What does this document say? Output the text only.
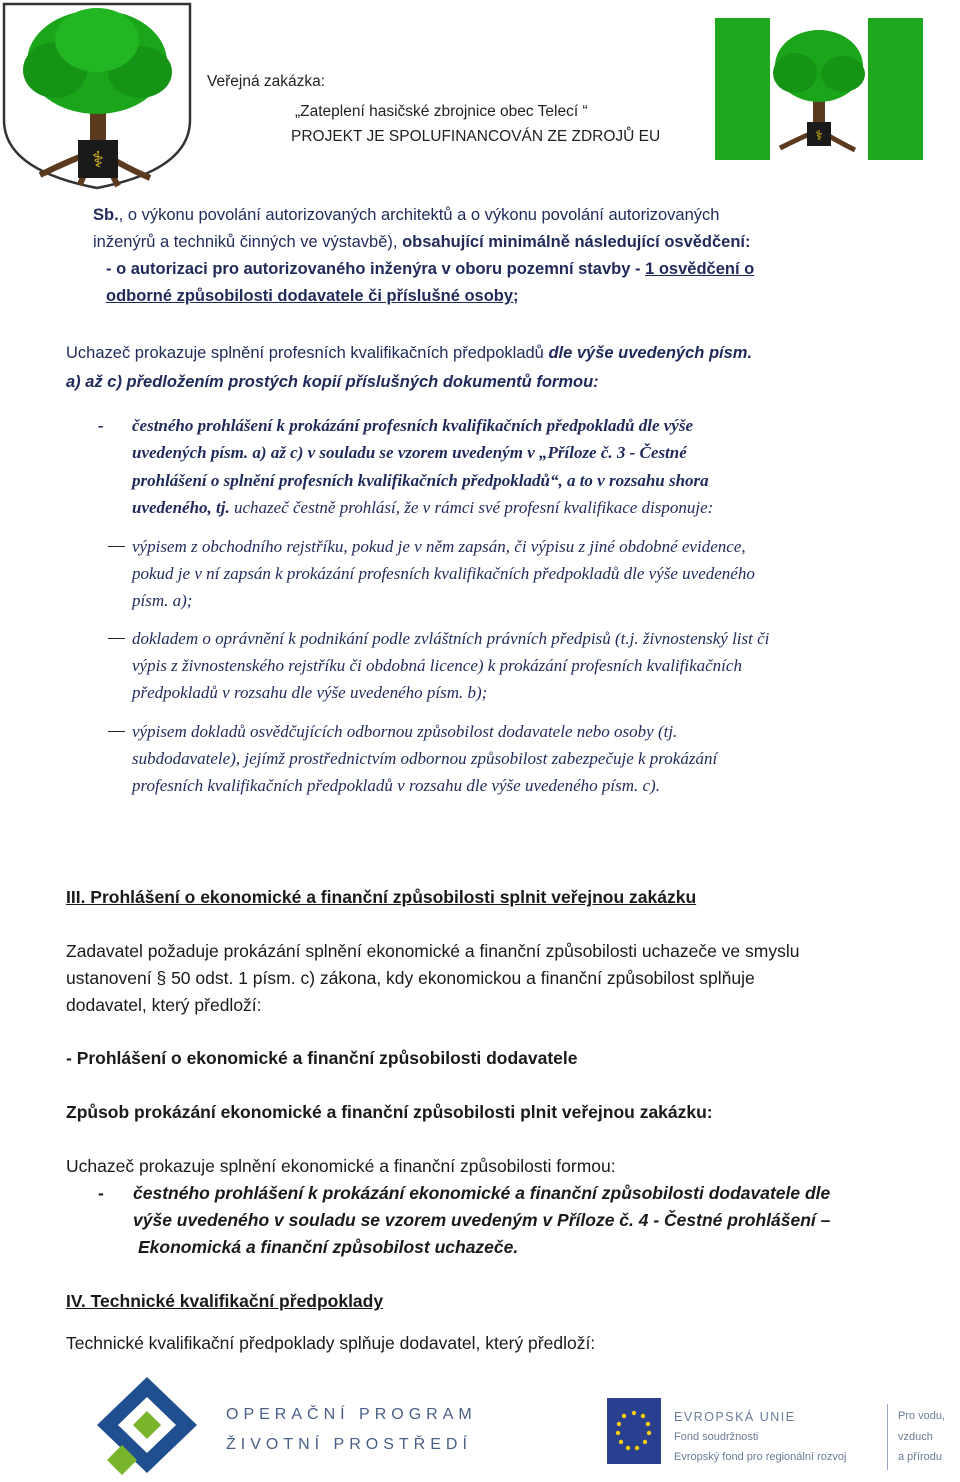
⚕
Veřejná zakázka:
„Zateplení hasičské zbrojnice obec Telecí “
PROJEKT JE SPOLUFINANCOVÁN ZE ZDROJŮ EU	⚕
Sb., o výkonu povolání autorizovaných architektů a o výkonu povolání autorizovaných
inženýrů a techniků činných ve výstavbě), obsahující minimálně následující osvědčení:
- o autorizaci pro autorizovaného inženýra v oboru pozemní stavby - 1 osvědčení o
odborné způsobilosti dodavatele či příslušné osoby;
Uchazeč prokazuje splnění profesních kvalifikačních předpokladů dle výše uvedených písm.
a) až c) předložením prostých kopií příslušných dokumentů formou:
- čestného prohlášení k prokázání profesních kvalifikačních předpokladů dle výše
uvedených písm. a) až c) v souladu se vzorem uvedeným v „Příloze č. 3 - Čestné
prohlášení o splnění profesních kvalifikačních předpokladů“, a to v rozsahu shora
uvedeného, tj. uchazeč čestně prohlásí, že v rámci své profesní kvalifikace disponuje:
výpisem z obchodního rejstříku, pokud je v něm zapsán, či výpisu z jiné obdobné evidence,
pokud je v ní zapsán k prokázání profesních kvalifikačních předpokladů dle výše uvedeného
písm. a);
dokladem o oprávnění k podnikání podle zvláštních právních předpisů (t.j. živnostenský list či
výpis z živnostenského rejstříku či obdobná licence) k prokázání profesních kvalifikačních
předpokladů v rozsahu dle výše uvedeného písm. b);
výpisem dokladů osvědčujících odbornou způsobilost dodavatele nebo osoby (tj.
subdodavatele), jejímž prostřednictvím odbornou způsobilost zabezpečuje k prokázání
profesních kvalifikačních předpokladů v rozsahu dle výše uvedeného písm. c).
III. Prohlášení o ekonomické a finanční způsobilosti splnit veřejnou zakázku
Zadavatel požaduje prokázání splnění ekonomické a finanční způsobilosti uchazeče ve smyslu
ustanovení § 50 odst. 1 písm. c) zákona, kdy ekonomickou a finanční způsobilost splňuje
dodavatel, který předloží:
- Prohlášení o ekonomické a finanční způsobilosti dodavatele
Způsob prokázání ekonomické a finanční způsobilosti plnit veřejnou zakázku:
Uchazeč prokazuje splnění ekonomické a finanční způsobilosti formou:
- čestného prohlášení k prokázání ekonomické a finanční způsobilosti dodavatele dle
výše uvedeného v souladu se vzorem uvedeným v Příloze č. 4 - Čestné prohlášení –
Ekonomická a finanční způsobilost uchazeče.
IV. Technické kvalifikační předpoklady
Technické kvalifikační předpoklady splňuje dodavatel, který předloží:
OPERAČNÍ PROGRAM
ŽIVOTNÍ PROSTŘEDÍ
EVROPSKÁ UNIE
Fond soudržnosti
Evropský fond pro regionální rozvoj
Pro vodu,
vzduch
a přírodu
